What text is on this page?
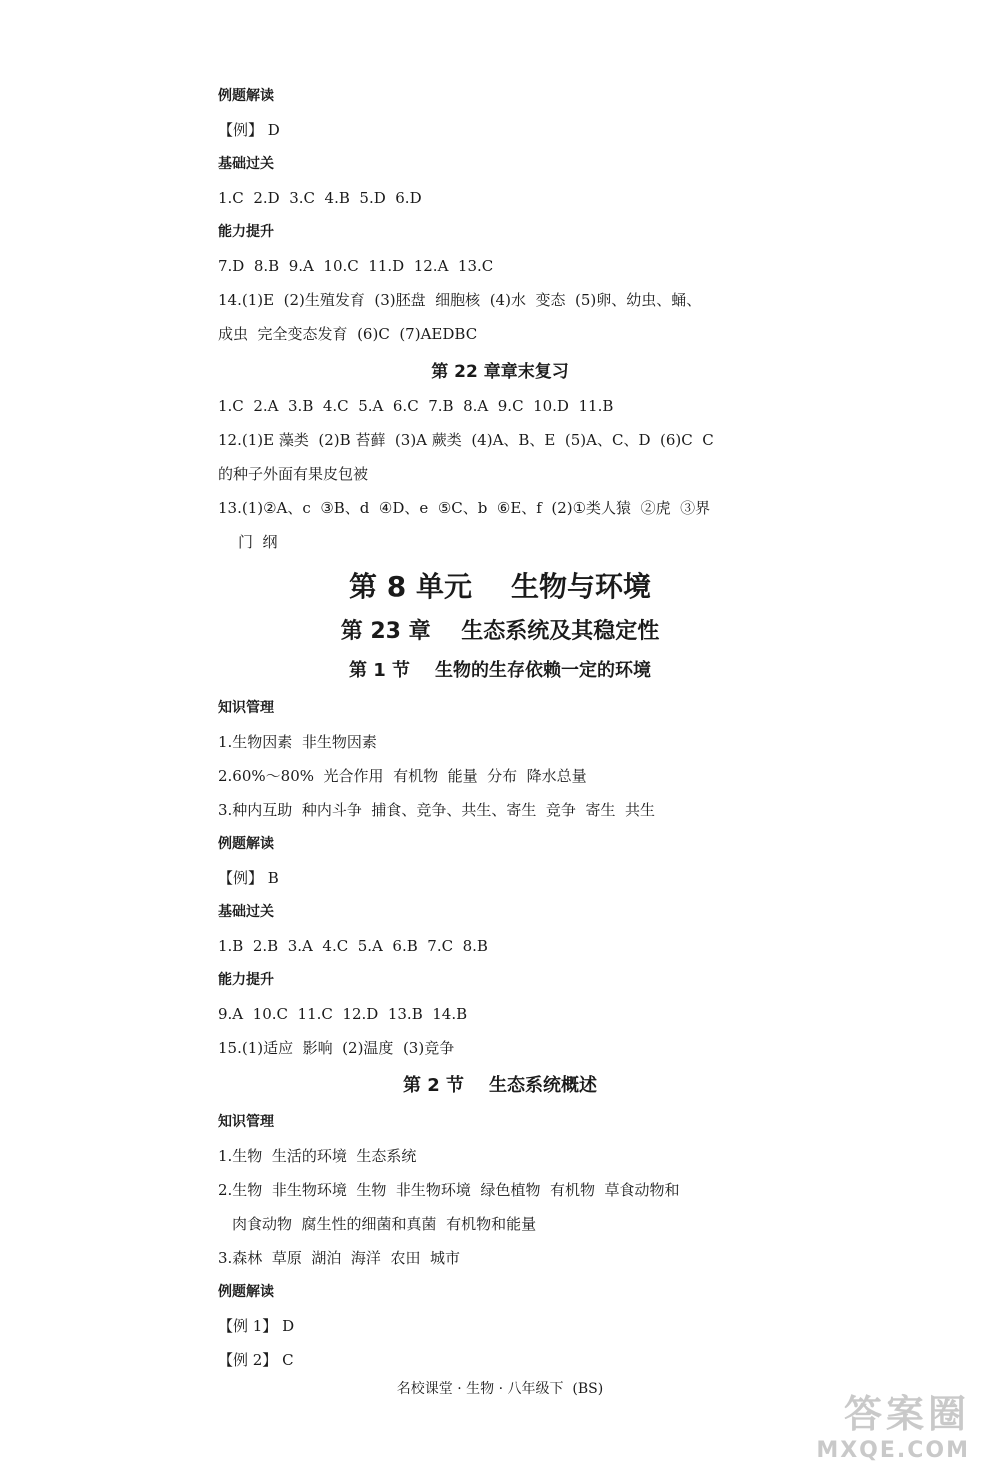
例题解读
【例】 D
基础过关
1.C  2.D  3.C  4.B  5.D  6.D
能力提升
7.D  8.B  9.A  10.C  11.D  12.A  13.C
14.(1)E  (2)生殖发育  (3)胚盘  细胞核  (4)水  变态  (5)卵、幼虫、蛹、
成虫  完全变态发育  (6)C  (7)AEDBC
第 22 章章末复习
1.C  2.A  3.B  4.C  5.A  6.C  7.B  8.A  9.C  10.D  11.B
12.(1)E 藻类  (2)B 苔藓  (3)A 蕨类  (4)A、B、E  (5)A、C、D  (6)C  C
的种子外面有果皮包被
13.(1)②A、c  ③B、d  ④D、e  ⑤C、b  ⑥E、f  (2)①类人猿  ②虎  ③界
门  纲
第 8 单元    生物与环境
第 23 章    生态系统及其稳定性
第 1 节    生物的生存依赖一定的环境
知识管理
1.生物因素  非生物因素
2.60%～80%  光合作用  有机物  能量  分布  降水总量
3.种内互助  种内斗争  捕食、竞争、共生、寄生  竞争  寄生  共生
例题解读
【例】 B
基础过关
1.B  2.B  3.A  4.C  5.A  6.B  7.C  8.B
能力提升
9.A  10.C  11.C  12.D  13.B  14.B
15.(1)适应  影响  (2)温度  (3)竞争
第 2 节    生态系统概述
知识管理
1.生物  生活的环境  生态系统
2.生物  非生物环境  生物  非生物环境  绿色植物  有机物  草食动物和
肉食动物  腐生性的细菌和真菌  有机物和能量
3.森林  草原  湖泊  海洋  农田  城市
例题解读
【例 1】 D
【例 2】 C
名校课堂 · 生物 · 八年级下  (BS)
答案圈
MXQE.COM
